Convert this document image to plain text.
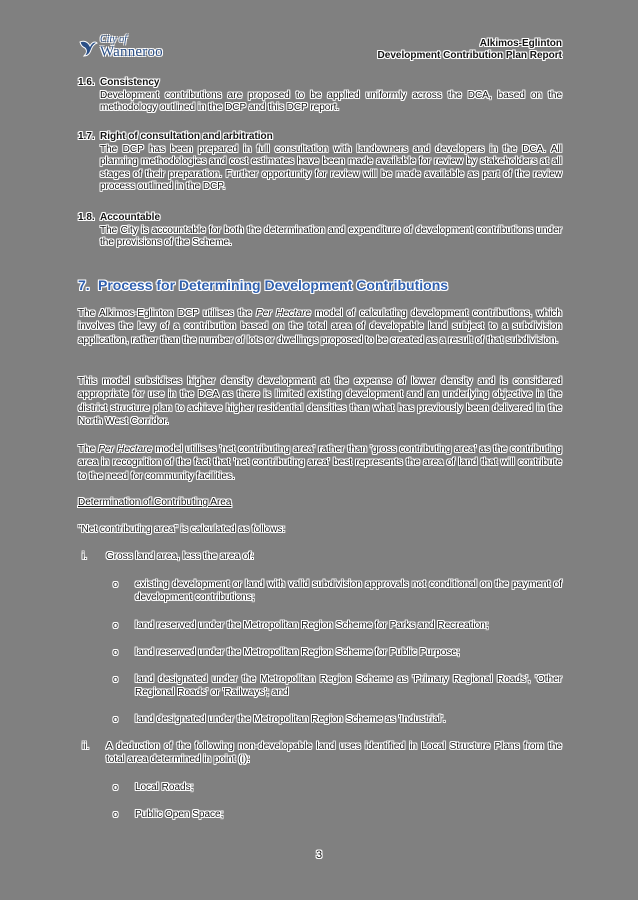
City of
Wanneroo
Alkimos-Eglinton
Development Contribution Plan Report
1.6. Consistency
Development contributions are proposed to be applied uniformly across the DCA, based on the methodology outlined in the DCP and this DCP report.
1.7. Right of consultation and arbitration
The DCP has been prepared in full consultation with landowners and developers in the DCA. All planning methodologies and cost estimates have been made available for review by stakeholders at all stages of their preparation. Further opportunity for review will be made available as part of the review process outlined in the DCP.
1.8. Accountable
The City is accountable for both the determination and expenditure of development contributions under the provisions of the Scheme.
7. Process for Determining Development Contributions
The Alkimos-Eglinton DCP utilises the Per Hectare model of calculating development contributions, which involves the levy of a contribution based on the total area of developable land subject to a subdivision application, rather than the number of lots or dwellings proposed to be created as a result of that subdivision.
This model subsidises higher density development at the expense of lower density and is considered appropriate for use in the DCA as there is limited existing development and an underlying objective in the district structure plan to achieve higher residential densities than what has previously been delivered in the North West Corridor.
The Per Hectare model utilises 'net contributing area' rather than 'gross contributing area' as the contributing area in recognition of the fact that 'net contributing area' best represents the area of land that will contribute to the need for community facilities.
Determination of Contributing Area
"Net contributing area" is calculated as follows:
i.	Gross land area, less the area of:
o	existing development or land with valid subdivision approvals not conditional on the payment of development contributions;
o	land reserved under the Metropolitan Region Scheme for Parks and Recreation;
o	land reserved under the Metropolitan Region Scheme for Public Purpose;
o	land designated under the Metropolitan Region Scheme as 'Primary Regional Roads', 'Other Regional Roads' or 'Railways'; and
o	land designated under the Metropolitan Region Scheme as 'Industrial'.
ii.	A deduction of the following non-developable land uses identified in Local Structure Plans from the total area determined in point (i):
o	Local Roads;
o	Public Open Space;
3
